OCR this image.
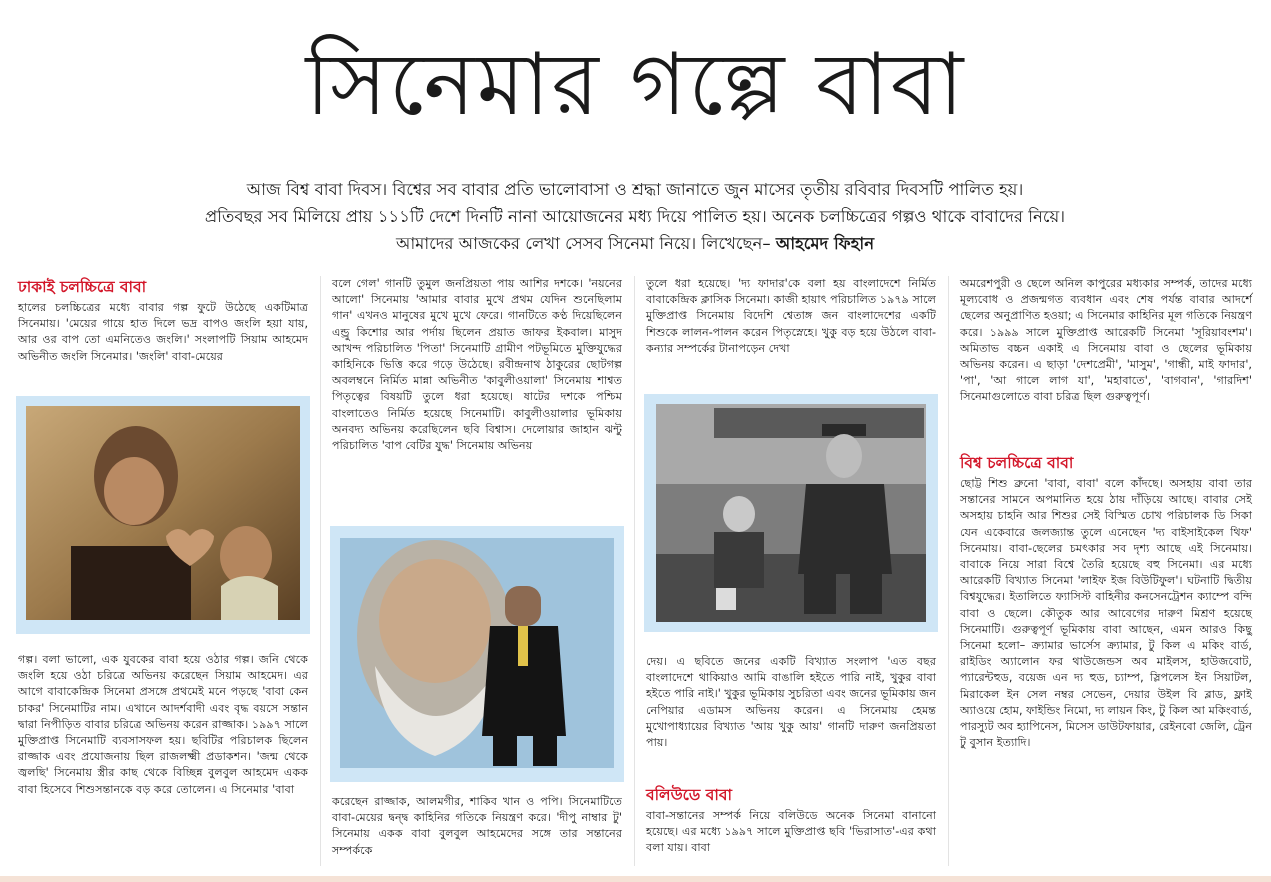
সিনেমার গল্পে বাবা
আজ বিশ্ব বাবা দিবস। বিশ্বের সব বাবার প্রতি ভালোবাসা ও শ্রদ্ধা জানাতে জুন মাসের তৃতীয় রবিবার দিবসটি পালিত হয়।
প্রতিবছর সব মিলিয়ে প্রায় ১১১টি দেশে দিনটি নানা আয়োজনের মধ্য দিয়ে পালিত হয়। অনেক চলচ্চিত্রের গল্পও থাকে বাবাদের নিয়ে।
আমাদের আজকের লেখা সেসব সিনেমা নিয়ে। লিখেছেন– আহমেদ ফিহান
ঢাকাই চলচ্চিত্রে বাবা
হালের চলচ্চিত্রের মধ্যে বাবার গল্প ফুটে উঠেছে একটিমাত্র সিনেমায়। 'মেয়ের গায়ে হাত দিলে ভদ্র বাপও জংলি হয়া যায়, আর ওর বাপ তো এমনিতেও জংলি।' সংলাপটি সিয়াম আহমেদ অভিনীত জংলি সিনেমার। 'জংলি' বাবা-মেয়ের
গল্প। বলা ভালো, এক যুবকের বাবা হয়ে ওঠার গল্প। জনি থেকে জংলি হয়ে ওঠা চরিত্রে অভিনয় করেছেন সিয়াম আহমেদ। এর আগে বাবাকেন্দ্রিক সিনেমা প্রসঙ্গে প্রথমেই মনে পড়ছে 'বাবা কেন চাকর' সিনেমাটির নাম। এখানে আদর্শবাদী এবং বৃদ্ধ বয়সে সন্তান দ্বারা নিপীড়িত বাবার চরিত্রে অভিনয় করেন রাজ্জাক। ১৯৯৭ সালে মুক্তিপ্রাপ্ত সিনেমাটি ব্যবসাসফল হয়। ছবিটির পরিচালক ছিলেন রাজ্জাক এবং প্রযোজনায় ছিল রাজলক্ষ্মী প্রডাকশন। 'জন্ম থেকে জ্বলছি' সিনেমায় স্ত্রীর কাছ থেকে বিচ্ছিন্ন বুলবুল আহমেদ একক বাবা হিসেবে শিশুসন্তানকে বড় করে তোলেন। এ সিনেমার 'বাবা
বলে গেল' গানটি তুমুল জনপ্রিয়তা পায় আশির দশকে। 'নয়নের আলো' সিনেমায় 'আমার বাবার মুখে প্রথম যেদিন শুনেছিলাম গান' এখনও মানুষের মুখে মুখে ফেরে। গানটিতে কণ্ঠ দিয়েছিলেন এন্ড্রু কিশোর আর পর্দায় ছিলেন প্রয়াত জাফর ইকবাল। মাসুদ আখন্দ পরিচালিত 'পিতা' সিনেমাটি গ্রামীণ পটভূমিতে মুক্তিযুদ্ধের কাহিনিকে ভিত্তি করে গড়ে উঠেছে। রবীন্দ্রনাথ ঠাকুরের ছোটগল্প অবলম্বনে নির্মিত মান্না অভিনীত 'কাবুলীওয়ালা' সিনেমায় শাশ্বত পিতৃত্বের বিষয়টি তুলে ধরা হয়েছে। ষাটের দশকে পশ্চিম বাংলাতেও নির্মিত হয়েছে সিনেমাটি। কাবুলীওয়ালার ভূমিকায় অনবদ্য অভিনয় করেছিলেন ছবি বিশ্বাস। দেলোয়ার জাহান ঝন্টু পরিচালিত 'বাপ বেটির যুদ্ধ' সিনেমায় অভিনয়
করেছেন রাজ্জাক, আলমগীর, শাকিব খান ও পপি। সিনেমাটিতে বাবা-মেয়ের দ্বন্দ্ব কাহিনির গতিকে নিয়ন্ত্রণ করে। 'দীপু নাম্বার টু' সিনেমায় একক বাবা বুলবুল আহমেদের সঙ্গে তার সন্তানের সম্পর্ককে
তুলে ধরা হয়েছে। 'দ্য ফাদার'কে বলা হয় বাংলাদেশে নির্মিত বাবাকেন্দ্রিক ক্লাসিক সিনেমা। কাজী হায়াৎ পরিচালিত ১৯৭৯ সালে মুক্তিপ্রাপ্ত সিনেমায় বিদেশি শ্বেতাঙ্গ জন বাংলাদেশের একটি শিশুকে লালন-পালন করেন পিতৃস্নেহে। খুকু বড় হয়ে উঠলে বাবা-কন্যার সম্পর্কের টানাপড়েন দেখা
দেয়। এ ছবিতে জনের একটি বিখ্যাত সংলাপ 'এত বছর বাংলাদেশে থাকিয়াও আমি বাঙালি হইতে পারি নাই, খুকুর বাবা হইতে পারি নাই।' খুকুর ভূমিকায় সুচরিতা এবং জনের ভূমিকায় জন নেপিয়ার এডামস অভিনয় করেন। এ সিনেমায় হেমন্ত মুখোপাধ্যায়ের বিখ্যাত 'আয় খুকু আয়' গানটি দারুণ জনপ্রিয়তা পায়।
বলিউডে বাবা
বাবা-সন্তানের সম্পর্ক নিয়ে বলিউডে অনেক সিনেমা বানানো হয়েছে। এর মধ্যে ১৯৯৭ সালে মুক্তিপ্রাপ্ত ছবি 'ভিরাসাত'-এর কথা বলা যায়। বাবা
অমরেশপুরী ও ছেলে অনিল কাপুরের মধ্যকার সম্পর্ক, তাদের মধ্যে মূল্যবোধ ও প্রজন্মগত ব্যবধান এবং শেষ পর্যন্ত বাবার আদর্শে ছেলের অনুপ্রাণিত হওয়া; এ সিনেমার কাহিনির মূল গতিকে নিয়ন্ত্রণ করে। ১৯৯৯ সালে মুক্তিপ্রাপ্ত আরেকটি সিনেমা 'সূরিয়াবংশম'। অমিতাভ বচ্চন একাই এ সিনেমায় বাবা ও ছেলের ভূমিকায় অভিনয় করেন। এ ছাড়া 'দেশপ্রেমী', 'মাসুম', 'গান্ধী, মাই ফাদার', 'পা', 'আ গালে লাগ যা', 'মহাবাতে', 'বাগবান', 'গারদিশ' সিনেমাগুলোতে বাবা চরিত্র ছিল গুরুত্বপূর্ণ।
বিশ্ব চলচ্চিত্রে বাবা
ছোট্ট শিশু ব্রুনো 'বাবা, বাবা' বলে কাঁদছে। অসহায় বাবা তার সন্তানের সামনে অপমানিত হয়ে ঠায় দাঁড়িয়ে আছে। বাবার সেই অসহায় চাহনি আর শিশুর সেই বিস্মিত চোখ পরিচালক ডি সিকা যেন একেবারে জলজ্যান্ত তুলে এনেছেন 'দ্য বাইসাইকেল থিফ' সিনেমায়। বাবা-ছেলের চমৎকার সব দৃশ্য আছে এই সিনেমায়। বাবাকে নিয়ে সারা বিশ্বে তৈরি হয়েছে বহু সিনেমা। এর মধ্যে আরেকটি বিখ্যাত সিনেমা 'লাইফ ইজ বিউটিফুল'। ঘটনাটি দ্বিতীয় বিশ্বযুদ্ধের। ইতালিতে ফ্যাসিস্ট বাহিনীর কনসেনট্রেশন ক্যাম্পে বন্দি বাবা ও ছেলে। কৌতুক আর আবেগের দারুণ মিশ্রণ হয়েছে সিনেমাটি। গুরুত্বপূর্ণ ভূমিকায় বাবা আছেন, এমন আরও কিছু সিনেমা হলো– ক্র্যামার ভার্সেস ক্র্যামার, টু কিল এ মকিং বার্ড, রাইডিং অ্যালোন ফর থাউজেন্ডস অব মাইলস, হাউজবোট, প্যারেন্টহুড, বয়েজ এন দ্য হুড, চ্যাম্প, স্লিপলেস ইন সিয়াটল, মিরাকেল ইন সেল নম্বর সেভেন, দেয়ার উইল বি ব্লাড, ফ্লাই অ্যাওয়ে হোম, ফাইন্ডিং নিমো, দ্য লায়ন কিং, টু কিল আ মকিংবার্ড, পারস্যুট অব হ্যাপিনেস, মিসেস ডাউটফায়ার, রেইনবো জেলি, ট্রেন টু বুসান ইত্যাদি।
